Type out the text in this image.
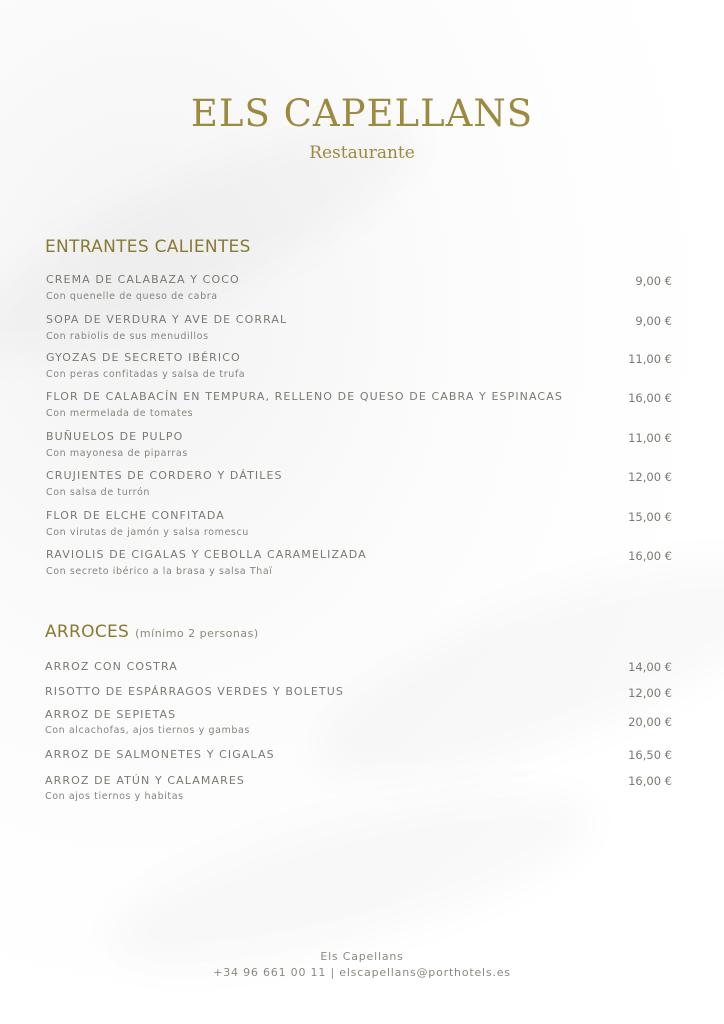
ELS CAPELLANS
Restaurante
ENTRANTES CALIENTES
CREMA DE CALABAZA Y COCO
Con quenelle de queso de cabra
9,00 €
SOPA DE VERDURA Y AVE DE CORRAL
Con rabiolis de sus menudillos
9,00 €
GYOZAS DE SECRETO IBÉRICO
Con peras confitadas y salsa de trufa
11,00 €
FLOR DE CALABACÍN EN TEMPURA, RELLENO DE QUESO DE CABRA Y ESPINACAS
Con mermelada de tomates
16,00 €
BUÑUELOS DE PULPO
Con mayonesa de piparras
11,00 €
CRUJIENTES DE CORDERO Y DÁTILES
Con salsa de turrón
12,00 €
FLOR DE ELCHE CONFITADA
Con virutas de jamón y salsa romescu
15,00 €
RAVIOLIS DE CIGALAS Y CEBOLLA CARAMELIZADA
Con secreto ibérico a la brasa y salsa Thaï
16,00 €
ARROCES (mínimo 2 personas)
ARROZ CON COSTRA	14,00 €
RISOTTO DE ESPÁRRAGOS VERDES Y BOLETUS	12,00 €
ARROZ DE SEPIETAS
Con alcachofas, ajos tiernos y gambas
20,00 €
ARROZ DE SALMONETES Y CIGALAS	16,50 €
ARROZ DE ATÚN Y CALAMARES
Con ajos tiernos y habitas
16,00 €
Els Capellans
+34 96 661 00 11 | elscapellans@porthotels.es
